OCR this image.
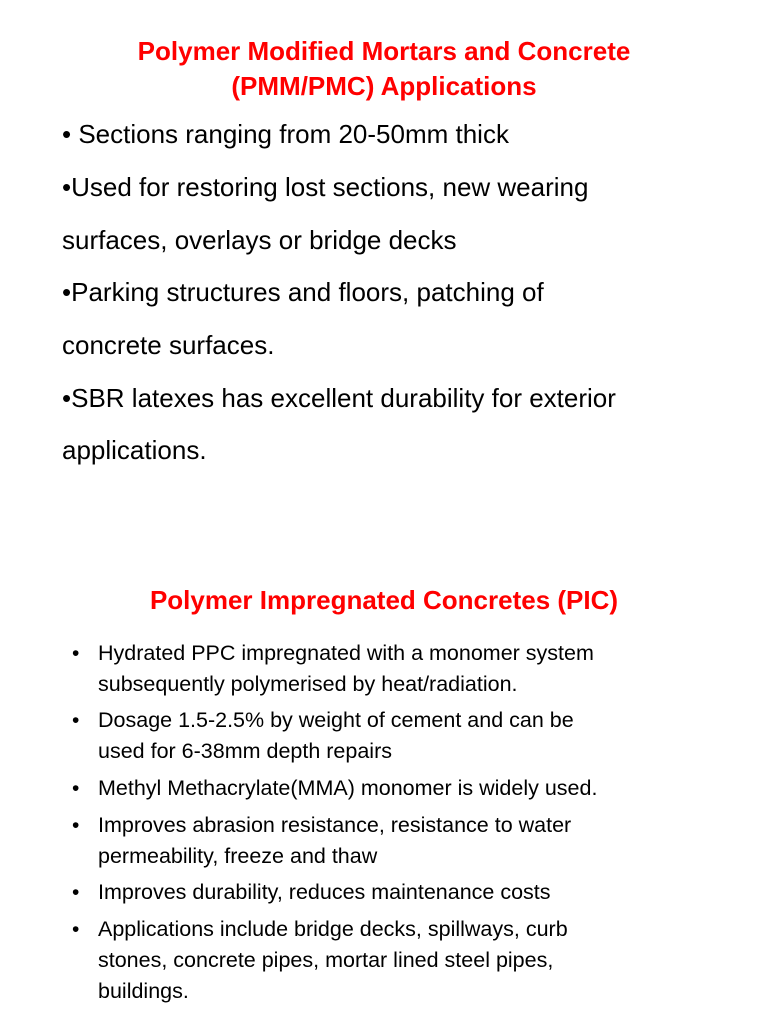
Polymer Modified Mortars and Concrete
(PMM/PMC) Applications
• Sections ranging from 20-50mm thick
•Used for restoring lost sections, new wearing
surfaces, overlays or bridge decks
•Parking structures and floors, patching of
concrete surfaces.
•SBR latexes has excellent durability for exterior
applications.
Polymer Impregnated Concretes (PIC)
• Hydrated PPC impregnated with a monomer system
subsequently polymerised by heat/radiation.
• Dosage 1.5-2.5% by weight of cement and can be
used for 6-38mm depth repairs
• Methyl Methacrylate(MMA) monomer is widely used.
• Improves abrasion resistance, resistance to water
permeability, freeze and thaw
• Improves durability, reduces maintenance costs
• Applications include bridge decks, spillways, curb
stones, concrete pipes, mortar lined steel pipes,
buildings.
